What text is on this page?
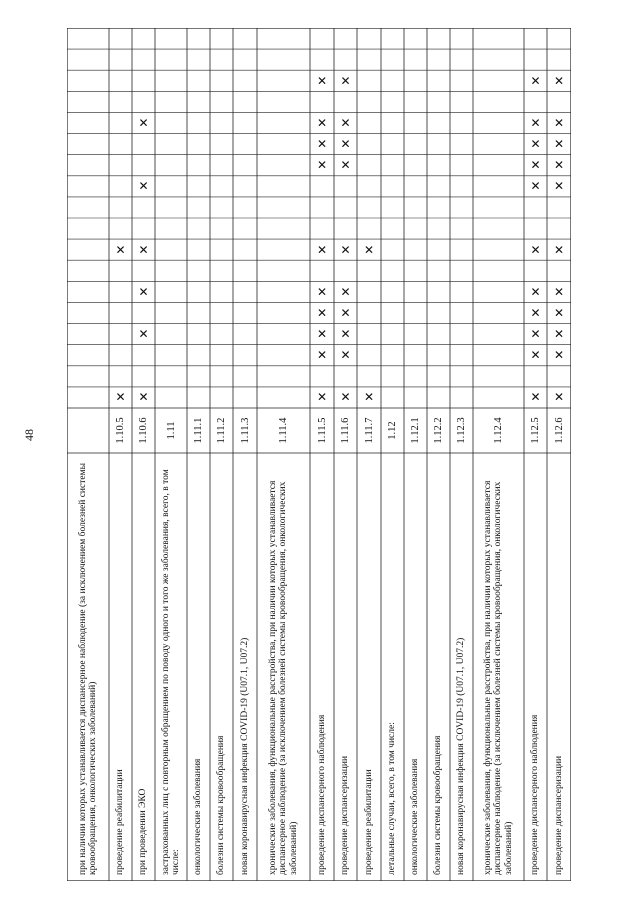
48
при наличии которых устанавливается диспансерное наблюдение (за исключением болезней системы кровообращения, онкологических заболеваний)	проведение реабилитации
1.10.5
✕
✕
при проведении ЭКО
1.10.6
✕
✕
✕
✕
✕
✕
застрахованных лиц с повторным обращением по поводу одного и того же заболевания, всего, в том числе:
1.11
онкологические заболевания
1.11.1
болезни системы кровообращения
1.11.2
новая коронавирусная инфекция COVID-19 (U07.1, U07.2)
1.11.3
хронические заболевания, функциональные расстройства, при наличии которых устанавливается диспансерное наблюдение (за исключением болезней системы кровообращения, онкологических заболеваний)
1.11.4
проведение диспансерного наблюдения
1.11.5
✕
✕
✕
✕
✕
✕
✕
✕
✕
✕
проведение диспансеризации
1.11.6
✕
✕
✕
✕
✕
✕
✕
✕
✕
✕
проведение реабилитации
1.11.7
✕
✕
летальные случаи, всего, в том числе:
1.12
онкологические заболевания
1.12.1
болезни системы кровообращения
1.12.2
новая коронавирусная инфекция COVID-19 (U07.1, U07.2)
1.12.3
хронические заболевания, функциональные расстройства, при наличии которых устанавливается диспансерное наблюдение (за исключением болезней системы кровообращения, онкологических заболеваний)
1.12.4
проведение диспансерного наблюдения
1.12.5
✕
✕
✕
✕
✕
✕
✕
✕
✕
✕
✕
проведение диспансеризации
1.12.6
✕
✕
✕
✕
✕
✕
✕
✕
✕
✕
✕
